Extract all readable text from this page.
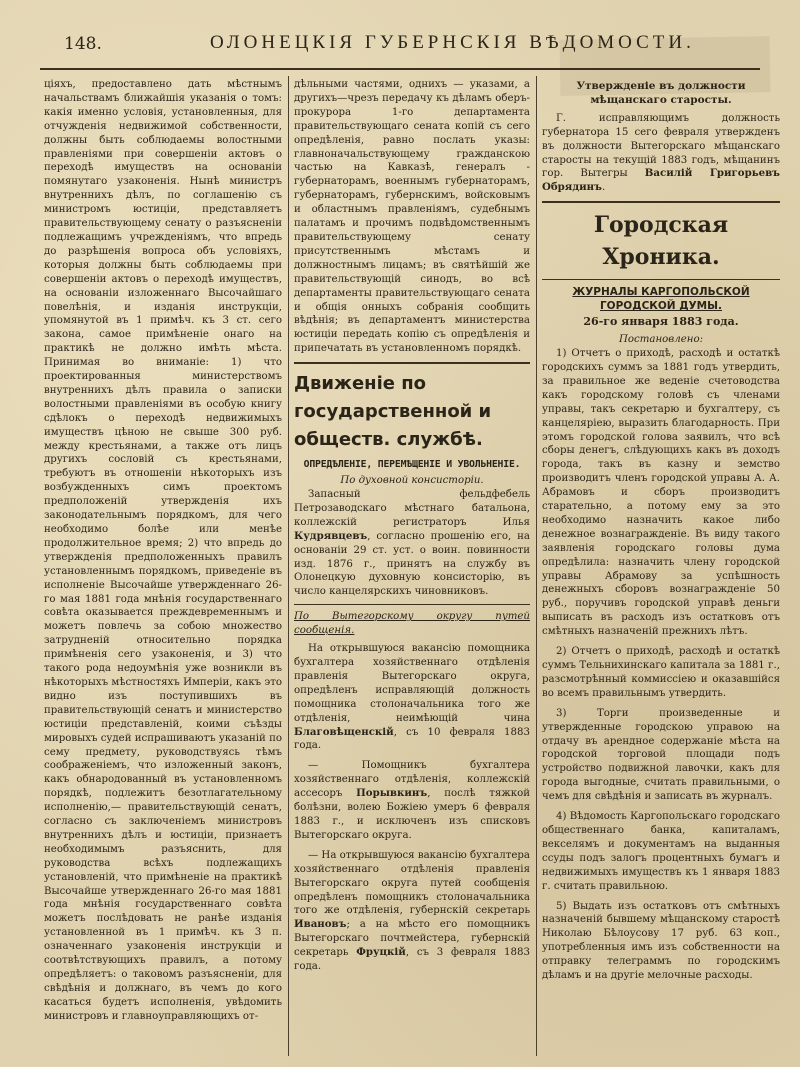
148.	ОЛОНЕЦКІЯ ГУБЕРНСКІЯ ВѢДОМОСТИ.

ціяхъ, предоставлено дать мѣстнымъ начальствамъ ближайшія указанія о томъ: какія именно условія, установленныя, для отчужденія недвижимой собственности, должны быть соблюдаемы волостными правленіями при совершеніи актовъ о переходѣ имуществъ на основаніи помянутаго узаконенія. Нынѣ министръ внутреннихъ дѣлъ, по соглашенію съ министромъ юстиціи, представляетъ правительствующему сенату о разъясненіи подлежащимъ учрежденіямъ, что впредь до разрѣшенія вопроса объ условіяхъ, которыя должны быть соблюдаемы при совершеніи актовъ о переходѣ имуществъ, на основаніи изложеннаго Высочайшаго повелѣнія, и изданія инструкціи, упомянутой въ 1 примѣч. къ 3 ст. сего закона, самое примѣненіе онаго на практикѣ не должно имѣть мѣста. Принимая во вниманіе: 1) что проектированныя министерствомъ внутреннихъ дѣлъ правила о записки волостными правленіями въ особую книгу сдѣлокъ о переходѣ недвижимыхъ имуществъ цѣною не свыше 300 руб. между крестьянами, а также отъ лицъ другихъ сословій съ крестьянами, требуютъ въ отношеніи нѣкоторыхъ изъ возбужденныхъ симъ проектомъ предположеній утвержденія ихъ законодательнымъ порядкомъ, для чего необходимо болѣе или менѣе продолжительное время; 2) что впредь до утвержденія предположенныхъ правилъ установленнымъ порядкомъ, приведеніе въ исполненіе Высочайше утвержденнаго 26-го мая 1881 года мнѣнія государственнаго совѣта оказывается преждевременнымъ и можетъ повлечь за собою множество затрудненій относительно порядка примѣненія сего узаконенія, и 3) что такого рода недоумѣнія уже возникли въ нѣкоторыхъ мѣстностяхъ Имперіи, какъ это видно изъ поступившихъ въ правительствующій сенатъ и министерство юстиціи представленій, коими съѣзды мировыхъ судей испрашиваютъ указаній по сему предмету, руководствуясь тѣмъ соображеніемъ, что изложенный законъ, какъ обнародованный въ установленномъ порядкѣ, подлежитъ безотлагательному исполненію,— правительствующій сенатъ, согласно съ заключеніемъ министровъ внутреннихъ дѣлъ и юстиціи, признаетъ необходимымъ разъяснить, для руководства всѣхъ подлежащихъ установленій, что примѣненіе на практикѣ Высочайше утвержденнаго 26-го мая 1881 года мнѣнія государственнаго совѣта можетъ послѣдовать не ранѣе изданія установленной въ 1 примѣч. къ 3 п. означеннаго узаконенія инструкціи и соотвѣтствующихъ правилъ, а потому опредѣляетъ: о таковомъ разъясненіи, для свѣдѣнія и должнаго, въ чемъ до кого касаться будетъ исполненія, увѣдомить министровъ и главноуправляющихъ от-

дѣльными частями, однихъ — указами, а другихъ—чрезъ передачу къ дѣламъ оберъ-прокурора 1-го департамента правительствующаго сената копій съ сего опредѣленія, равно послать указы: главноначальствующему гражданскою частью на Кавказѣ, генералъ - губернаторамъ, военнымъ губернаторамъ, губернаторамъ, губернскимъ, войсковымъ и областнымъ правленіямъ, судебнымъ палатамъ и прочимъ подвѣдомственнымъ правительствующему сенату присутственнымъ мѣстамъ и должностнымъ лицамъ; въ святѣйшій же правительствующій синодъ, во всѣ департаменты правительствующаго сената и общія онныхъ собранія сообщить вѣдѣнія; въ департаментъ министерства юстиціи передать копію съ опредѣленія и припечатать въ установленномъ порядкѣ.

Движеніе по государственной и обществ. службѣ.
ОПРЕДѢЛЕНІЕ, ПЕРЕМѢЩЕНІЕ И УВОЛЬНЕНІЕ.

По духовной консисторіи.

Запасный фельдфебель Петрозаводскаго мѣстнаго батальона, коллежскій регистраторъ Илья Кудрявцевъ, согласно прошенію его, на основаніи 29 ст. уст. о воин. повинности изд. 1876 г., принятъ на службу въ Олонецкую духовную консисторію, въ число канцелярскихъ чиновниковъ.

По Вытегорскому округу путей сообщенія.

На открывшуюся вакансію помощника бухгалтера хозяйственнаго отдѣленія правленія Вытегорскаго округа, опредѣленъ исправляющій должность помощника столоначальника того же отдѣленія, неимѣющій чина Благовѣщенскій, съ 10 февраля 1883 года.

— Помощникъ бухгалтера хозяйственнаго отдѣленія, коллежскій ассесоръ Порывкинъ, послѣ тяжкой болѣзни, волею Божіею умеръ 6 февраля 1883 г., и исключенъ изъ списковъ Вытегорскаго округа.

— На открывшуюся вакансію бухгалтера хозяйственнаго отдѣленія правленія Вытегорскаго округа путей сообщенія опредѣленъ помощникъ столоначальника того же отдѣленія, губернскій секретарь Ивановъ; а на мѣсто его помощникъ Вытегорскаго почтмейстера, губернскій секретарь Фруцкій, съ 3 февраля 1883 года.

Утвержденіе въ должности мѣщанскаго старосты.

Г. исправляющимъ должность губернатора 15 сего февраля утвержденъ въ должности Вытегорскаго мѣщанскаго старосты на текущій 1883 годъ, мѣщанинъ гор. Вытегры Василій Григорьевъ Обрядинъ.

Городская Хроника.
ЖУРНАЛЫ КАРГОПОЛЬСКОЙ ГОРОДСКОЙ ДУМЫ.
26-го января 1883 года.

Постановлено:

1) Отчетъ о приходѣ, расходѣ и остаткѣ городскихъ суммъ за 1881 годъ утвердить, за правильное же веденіе счетоводства какъ городскому головѣ съ членами управы, такъ секретарю и бухгалтеру, съ канцеляріею, выразить благодарность. При этомъ городской голова заявилъ, что всѣ сборы денегъ, слѣдующихъ какъ въ доходъ города, такъ въ казну и земство производитъ членъ городской управы А. А. Абрамовъ и сборъ производитъ старательно, а потому ему за это необходимо назначить какое либо денежное вознагражденіе. Въ виду такого заявленія городскаго головы дума опредѣлила: назначить члену городской управы Абрамову за успѣшность денежныхъ сборовъ вознагражденіе 50 руб., поручивъ городской управѣ деньги выписать въ расходъ изъ остатковъ отъ смѣтныхъ назначеній прежнихъ лѣтъ.

2) Отчетъ о приходѣ, расходѣ и остаткѣ суммъ Тельнихинскаго капитала за 1881 г., разсмотрѣнный коммиссіею и оказавшійся во всемъ правильнымъ утвердить.

3) Торги произведенные и утвержденные городскою управою на отдачу въ арендное содержаніе мѣста на городской торговой площади подъ устройство подвижной лавочки, какъ для города выгодные, считать правильными, о чемъ для свѣдѣнія и записать въ журналъ.

4) Вѣдомость Каргопольскаго городскаго общественнаго банка, капиталамъ, векселямъ и документамъ на выданныя ссуды подъ залогъ процентныхъ бумагъ и недвижимыхъ имуществъ къ 1 января 1883 г. считать правильною.

5) Выдать изъ остатковъ отъ смѣтныхъ назначеній бывшему мѣщанскому старостѣ Николаю Бѣлоусову 17 руб. 63 коп., употребленныя имъ изъ собственности на отправку телеграммъ по городскимъ дѣламъ и на другіе мелочные расходы.
